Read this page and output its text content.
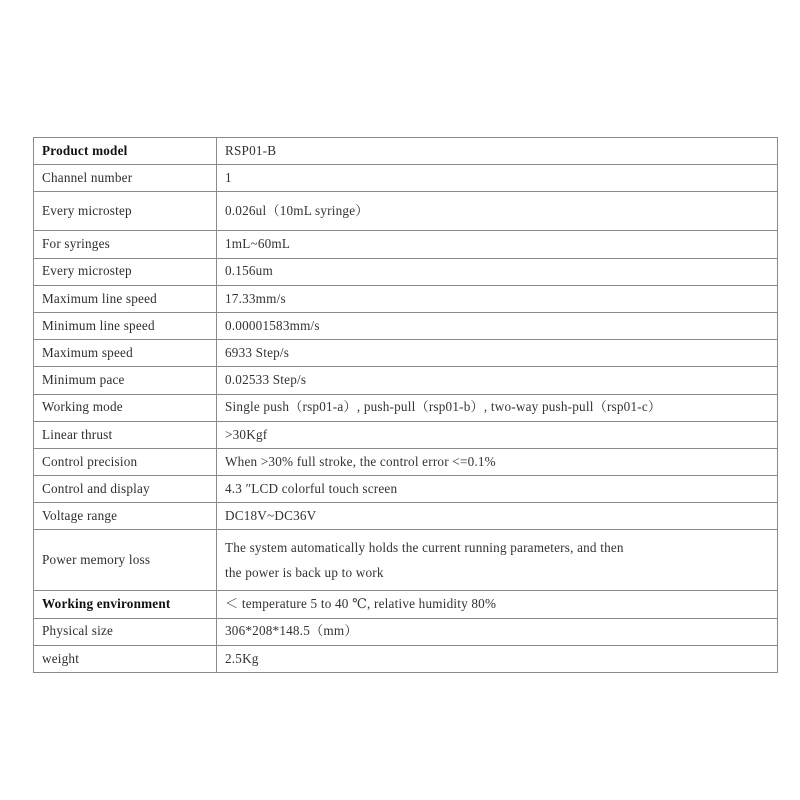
Product model	RSP01-B
Channel number	1
Every microstep	0.026ul（10mL syringe）
For syringes	1mL~60mL
Every microstep	0.156um
Maximum line speed	17.33mm/s
Minimum line speed	0.00001583mm/s
Maximum speed	6933 Step/s
Minimum pace	0.02533 Step/s
Working mode	Single push（rsp01-a）, push-pull（rsp01-b）, two-way push-pull（rsp01-c）
Linear thrust	>30Kgf
Control precision	When >30% full stroke, the control error <=0.1%
Control and display	4.3 ″LCD colorful touch screen
Voltage range	DC18V~DC36V
Power memory loss	The system automatically holds the current running parameters, and then
the power is back up to work

Working environment	＜ temperature 5 to 40 ℃, relative humidity 80%
Physical size	306*208*148.5（mm）
weight	2.5Kg
